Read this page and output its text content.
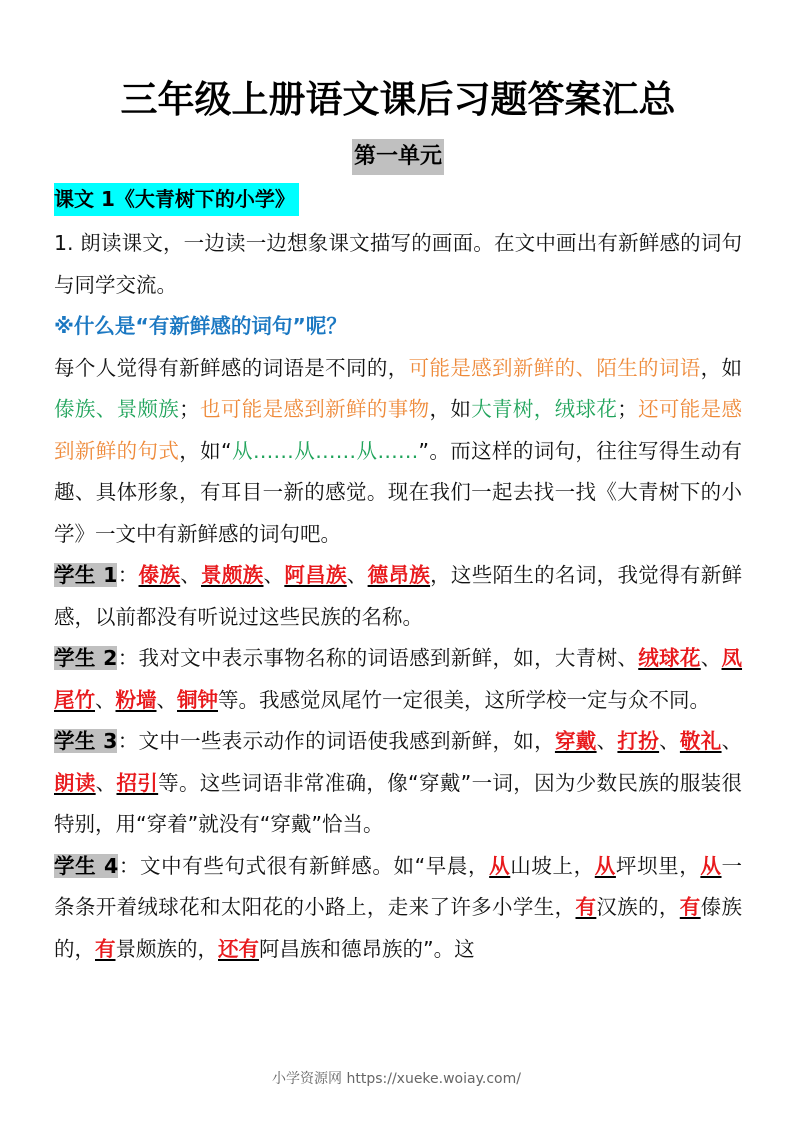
三年级上册语文课后习题答案汇总
第一单元
课文 1《大青树下的小学》

1. 朗读课文，一边读一边想象课文描写的画面。在文中画出有新鲜感的词句与同学交流。

※什么是“有新鲜感的词句”呢？

每个人觉得有新鲜感的词语是不同的，可能是感到新鲜的、陌生的词语，如傣族、景颇族；也可能是感到新鲜的事物，如大青树，绒球花；还可能是感到新鲜的句式，如“从……从……从……”。而这样的词句，往往写得生动有趣、具体形象，有耳目一新的感觉。现在我们一起去找一找《大青树下的小学》一文中有新鲜感的词句吧。

学生 1：傣族、景颇族、阿昌族、德昂族，这些陌生的名词，我觉得有新鲜感，以前都没有听说过这些民族的名称。

学生 2：我对文中表示事物名称的词语感到新鲜，如，大青树、绒球花、凤尾竹、粉墙、铜钟等。我感觉凤尾竹一定很美，这所学校一定与众不同。

学生 3：文中一些表示动作的词语使我感到新鲜，如，穿戴、打扮、敬礼、朗读、招引等。这些词语非常准确，像“穿戴”一词，因为少数民族的服装很特别，用“穿着”就没有“穿戴”恰当。

学生 4：文中有些句式很有新鲜感。如“早晨，从山坡上，从坪坝里，从一条条开着绒球花和太阳花的小路上，走来了许多小学生，有汉族的，有傣族的，有景颇族的，还有阿昌族和德昂族的”。这

小学资源网 https://xueke.woiay.com/
